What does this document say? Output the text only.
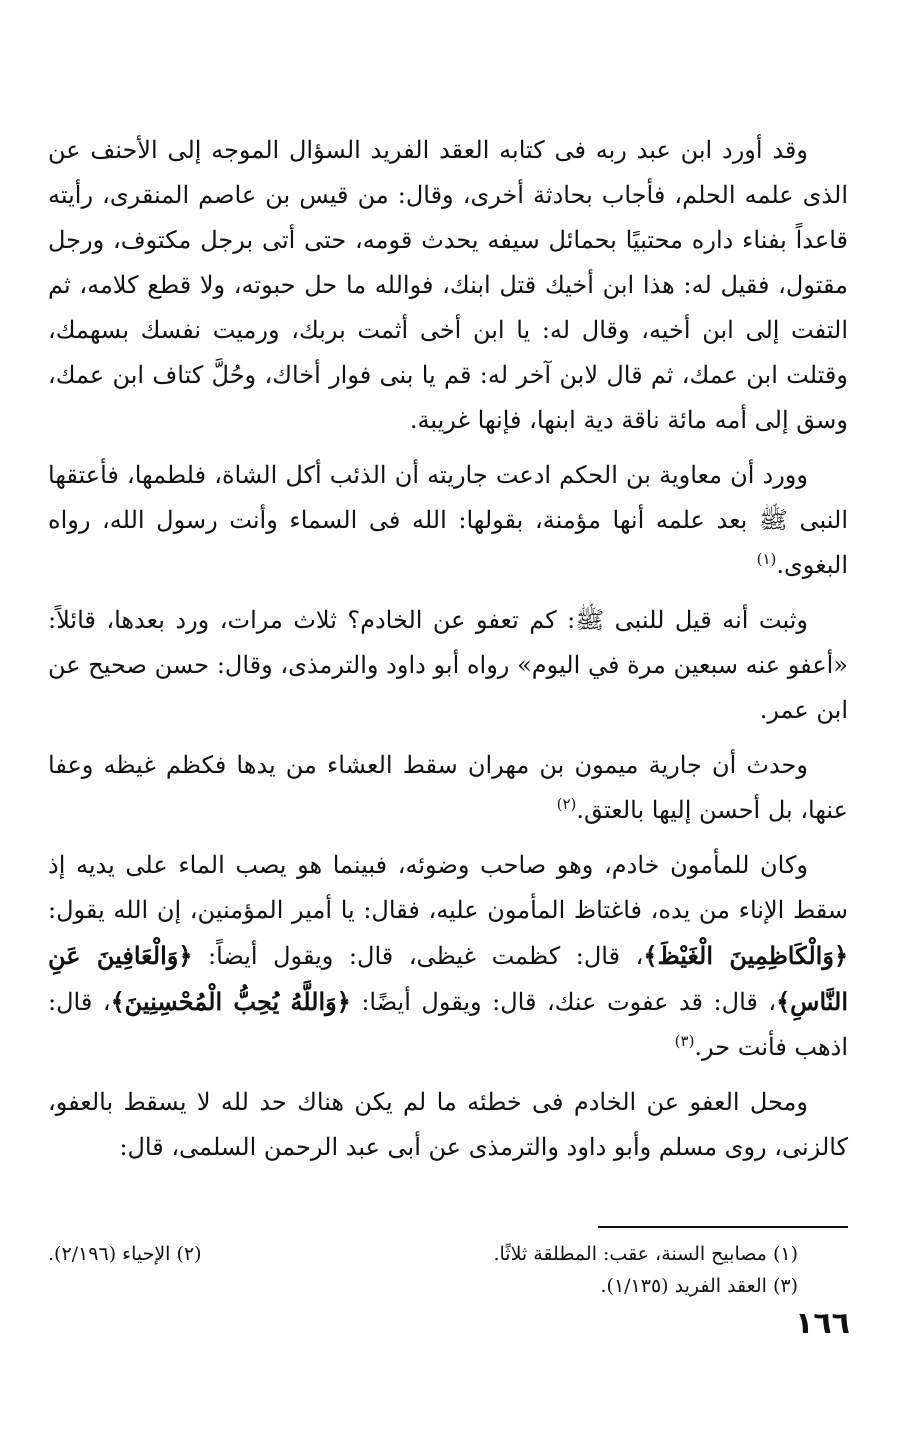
وقد أورد ابن عبد ربه فى كتابه العقد الفريد السؤال الموجه إلى الأحنف عن الذى علمه الحلم، فأجاب بحادثة أخرى، وقال: من قيس بن عاصم المنقرى، رأيته قاعداً بفناء داره محتبيًا بحمائل سيفه يحدث قومه، حتى أتى برجل مكتوف، ورجل مقتول، فقيل له: هذا ابن أخيك قتل ابنك، فوالله ما حل حبوته، ولا قطع كلامه، ثم التفت إلى ابن أخيه، وقال له: يا ابن أخى أثمت بربك، ورميت نفسك بسهمك، وقتلت ابن عمك، ثم قال لابن آخر له: قم يا بنى فوار أخاك، وحُلَّ كتاف ابن عمك، وسق إلى أمه مائة ناقة دية ابنها، فإنها غريبة.

وورد أن معاوية بن الحكم ادعت جاريته أن الذئب أكل الشاة، فلطمها، فأعتقها النبى ﷺ بعد علمه أنها مؤمنة، بقولها: الله فى السماء وأنت رسول الله، رواه البغوى.$^{(١)}$

وثبت أنه قيل للنبى ﷺ: كم تعفو عن الخادم؟ ثلاث مرات، ورد بعدها، قائلاً: «أعفو عنه سبعين مرة في اليوم» رواه أبو داود والترمذى، وقال: حسن صحيح عن ابن عمر.

وحدث أن جارية ميمون بن مهران سقط العشاء من يدها فكظم غيظه وعفا عنها، بل أحسن إليها بالعتق.$^{(٢)}$

وكان للمأمون خادم، وهو صاحب وضوئه، فبينما هو يصب الماء على يديه إذ سقط الإناء من يده، فاغتاظ المأمون عليه، فقال: يا أمير المؤمنين، إن الله يقول: ﴿وَالْكَاظِمِينَ الْغَيْظَ﴾، قال: كظمت غيظى، قال: ويقول أيضاً: ﴿وَالْعَافِينَ عَنِ النَّاسِ﴾، قال: قد عفوت عنك، قال: ويقول أيضًا: ﴿وَاللَّهُ يُحِبُّ الْمُحْسِنِينَ﴾، قال: اذهب فأنت حر.$^{(٣)}$

ومحل العفو عن الخادم فى خطئه ما لم يكن هناك حد لله لا يسقط بالعفو، كالزنى، روى مسلم وأبو داود والترمذى عن أبى عبد الرحمن السلمى، قال:

(١) مصابيح السنة، عقب: المطلقة ثلاثًا.
(٢) الإحياء (٢/١٩٦).
(٣) العقد الفريد (١/١٣٥).
١٦٦
